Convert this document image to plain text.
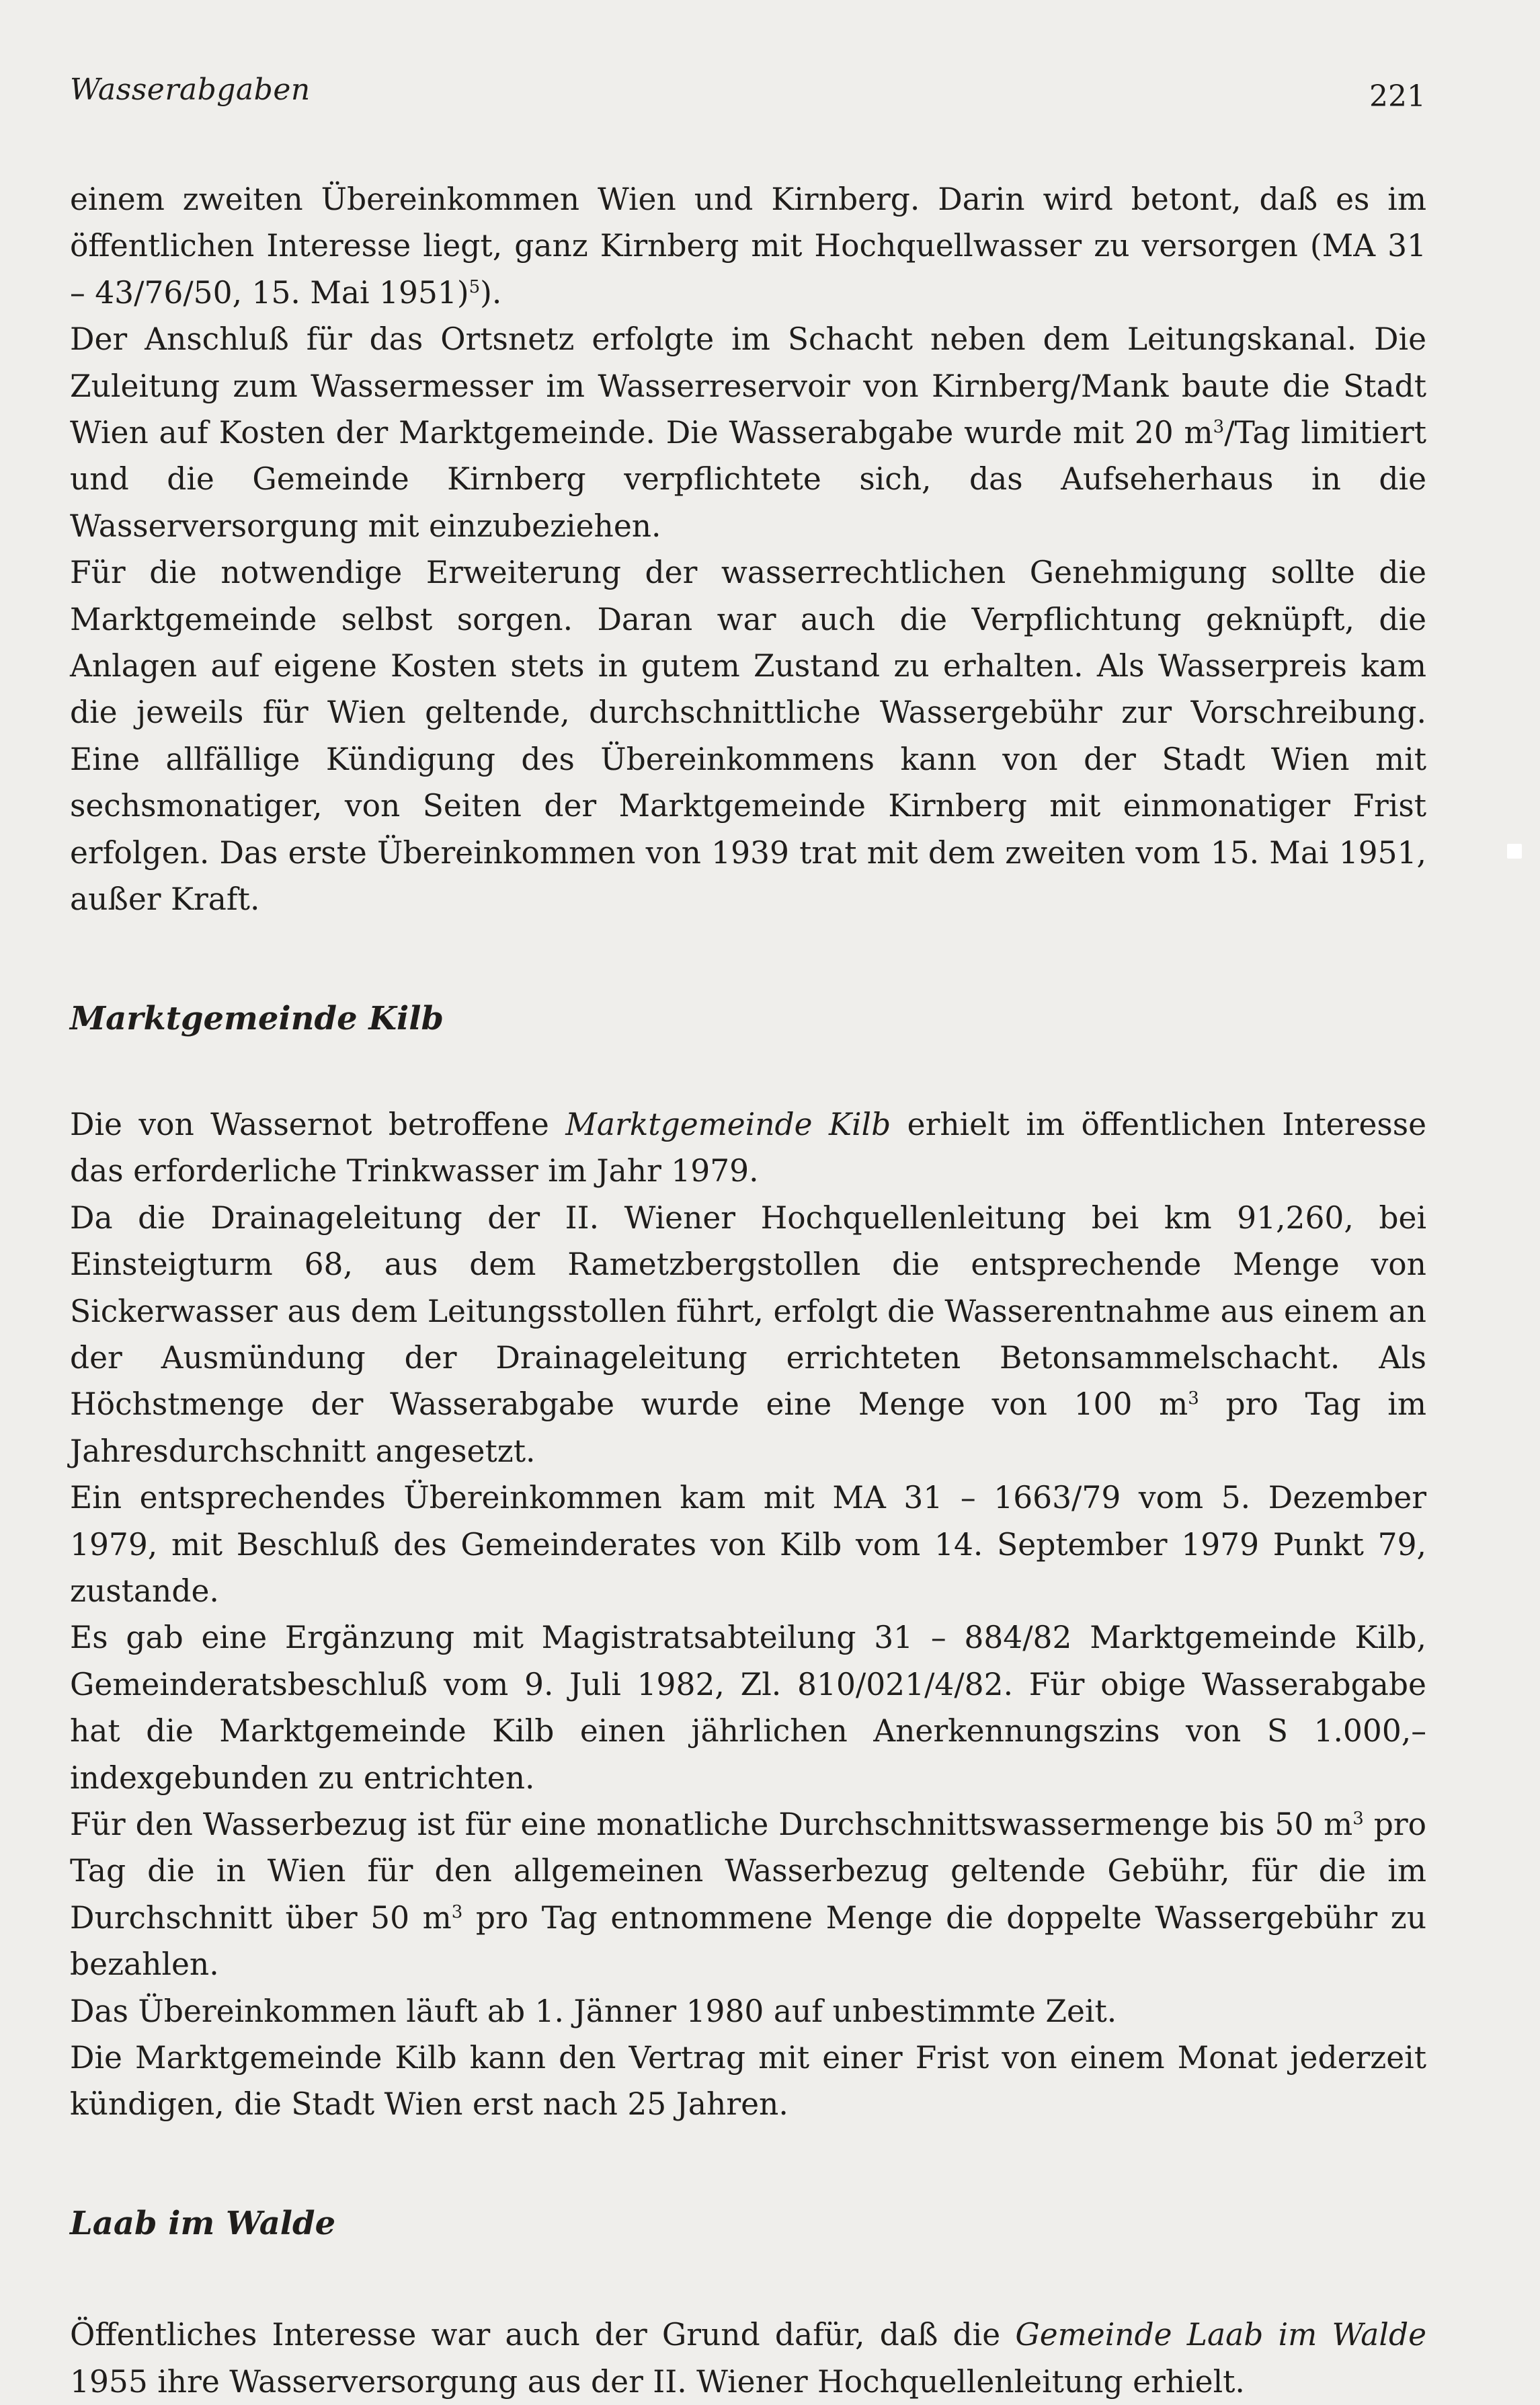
Wasserabgaben	221

einem zweiten Übereinkommen Wien und Kirnberg. Darin wird betont, daß es im öffentlichen Interesse liegt, ganz Kirnberg mit Hochquellwasser zu versorgen (MA 31 – 43/76/50, 15. Mai 1951)$^5$).

Der Anschluß für das Ortsnetz erfolgte im Schacht neben dem Leitungskanal. Die Zuleitung zum Wassermesser im Wasserreservoir von Kirnberg/Mank baute die Stadt Wien auf Kosten der Marktgemeinde. Die Wasserabgabe wurde mit 20 $m^3$/Tag limitiert und die Gemeinde Kirnberg verpflichtete sich, das Aufseherhaus in die Wasserversorgung mit einzubeziehen.

Für die notwendige Erweiterung der wasserrechtlichen Genehmigung sollte die Marktgemeinde selbst sorgen. Daran war auch die Verpflichtung geknüpft, die Anlagen auf eigene Kosten stets in gutem Zustand zu erhalten. Als Wasserpreis kam die jeweils für Wien geltende, durchschnittliche Wassergebühr zur Vorschreibung. Eine allfällige Kündigung des Übereinkommens kann von der Stadt Wien mit sechsmonatiger, von Seiten der Marktgemeinde Kirnberg mit einmonatiger Frist erfolgen. Das erste Übereinkommen von 1939 trat mit dem zweiten vom 15. Mai 1951, außer Kraft.

Marktgemeinde Kilb

Die von Wassernot betroffene Marktgemeinde Kilb erhielt im öffentlichen Interesse das erforderliche Trinkwasser im Jahr 1979.

Da die Drainageleitung der II. Wiener Hochquellenleitung bei km 91,260, bei Einsteigturm 68, aus dem Rametzbergstollen die entsprechende Menge von Sickerwasser aus dem Leitungsstollen führt, erfolgt die Wasserentnahme aus einem an der Ausmündung der Drainageleitung errichteten Betonsammelschacht. Als Höchstmenge der Wasserabgabe wurde eine Menge von 100 $m^3$ pro Tag im Jahresdurchschnitt angesetzt.

Ein entsprechendes Übereinkommen kam mit MA 31 – 1663/79 vom 5. Dezember 1979, mit Beschluß des Gemeinderates von Kilb vom 14. September 1979 Punkt 79, zustande.

Es gab eine Ergänzung mit Magistratsabteilung 31 – 884/82 Marktgemeinde Kilb, Gemeinderatsbeschluß vom 9. Juli 1982, Zl. 810/021/4/82. Für obige Wasserabgabe hat die Marktgemeinde Kilb einen jährlichen Anerkennungszins von S 1.000,– indexgebunden zu entrichten.

Für den Wasserbezug ist für eine monatliche Durchschnittswassermenge bis 50 $m^3$ pro Tag die in Wien für den allgemeinen Wasserbezug geltende Gebühr, für die im Durchschnitt über 50 $m^3$ pro Tag entnommene Menge die doppelte Wassergebühr zu bezahlen.

Das Übereinkommen läuft ab 1. Jänner 1980 auf unbestimmte Zeit.

Die Marktgemeinde Kilb kann den Vertrag mit einer Frist von einem Monat jederzeit kündigen, die Stadt Wien erst nach 25 Jahren.

Laab im Walde

Öffentliches Interesse war auch der Grund dafür, daß die Gemeinde Laab im Walde 1955 ihre Wasserversorgung aus der II. Wiener Hochquellenleitung erhielt.
